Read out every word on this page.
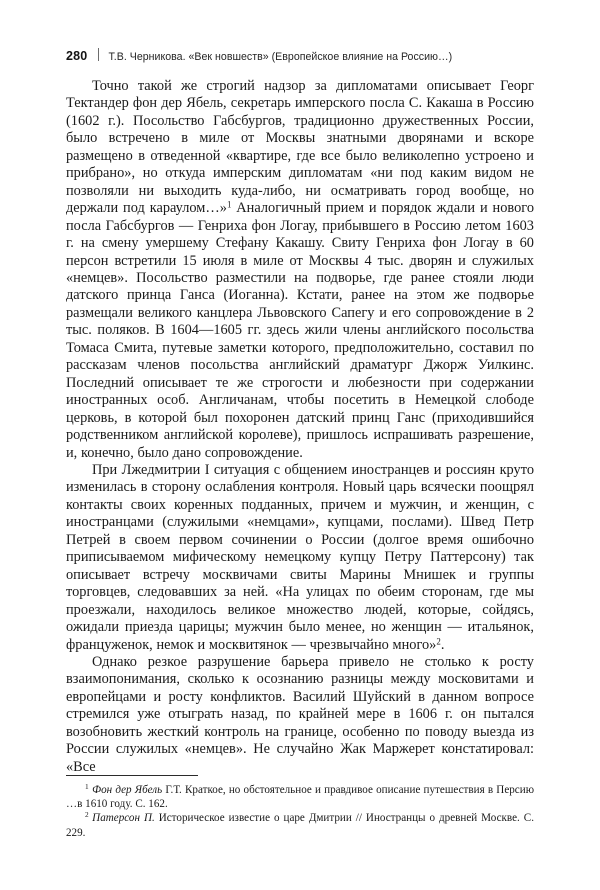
280 Т.В. Черникова. «Век новшеств» (Европейское влияние на Россию…)

Точно такой же строгий надзор за дипломатами описывает Георг Тектандер фон дер Ябель, секретарь имперского посла С. Какаша в Россию (1602 г.). Посольство Габсбургов, традиционно дружественных России, было встречено в миле от Москвы знатными дворянами и вскоре размещено в отведенной «квартире, где все было великолепно устроено и прибрано», но откуда имперским дипломатам «ни под каким видом не позволяли ни выходить куда-либо, ни осматривать город вообще, но держали под караулом…»$^1$ Аналогичный прием и порядок ждали и нового посла Габсбургов — Генриха фон Логау, прибывшего в Россию летом 1603 г. на смену умершему Стефану Какашу. Свиту Генриха фон Логау в 60 персон встретили 15 июля в миле от Москвы 4 тыс. дворян и служилых «немцев». Посольство разместили на подворье, где ранее стояли люди датского принца Ганса (Иоганна). Кстати, ранее на этом же подворье размещали великого канцлера Львовского Сапегу и его сопровождение в 2 тыс. поляков. В 1604—1605 гг. здесь жили члены английского посольства Томаса Смита, путевые заметки которого, предположительно, составил по рассказам членов посольства английский драматург Джорж Уилкинс. Последний описывает те же строгости и любезности при содержании иностранных особ. Англичанам, чтобы посетить в Немецкой слободе церковь, в которой был похоронен датский принц Ганс (приходившийся родственником английской королеве), пришлось испрашивать разрешение, и, конечно, было дано сопровождение.

При Лжедмитрии I ситуация с общением иностранцев и россиян круто изменилась в сторону ослабления контроля. Новый царь всячески поощрял контакты своих коренных подданных, причем и мужчин, и женщин, с иностранцами (служилыми «немцами», купцами, послами). Швед Петр Петрей в своем первом сочинении о России (долгое время ошибочно приписываемом мифическому немецкому купцу Петру Паттерсону) так описывает встречу москвичами свиты Марины Мнишек и группы торговцев, следовавших за ней. «На улицах по обеим сторонам, где мы проезжали, находилось великое множество людей, которые, сойдясь, ожидали приезда царицы; мужчин было менее, но женщин — итальянок, француженок, немок и москвитянок — чрезвычайно много»$^2$.

Однако резкое разрушение барьера привело не столько к росту взаимопонимания, сколько к осознанию разницы между московитами и европейцами и росту конфликтов. Василий Шуйский в данном вопросе стремился уже отыграть назад, по крайней мере в 1606 г. он пытался возобновить жесткий контроль на границе, особенно по поводу выезда из России служилых «немцев». Не случайно Жак Маржерет констатировал: «Все

$^1$ Фон дер Ябель Г.Т. Краткое, но обстоятельное и правдивое описание путешествия в Персию …в 1610 году. С. 162.

$^2$ Патерсон П. Историческое известие о царе Дмитрии // Иностранцы о древней Москве. С. 229.
